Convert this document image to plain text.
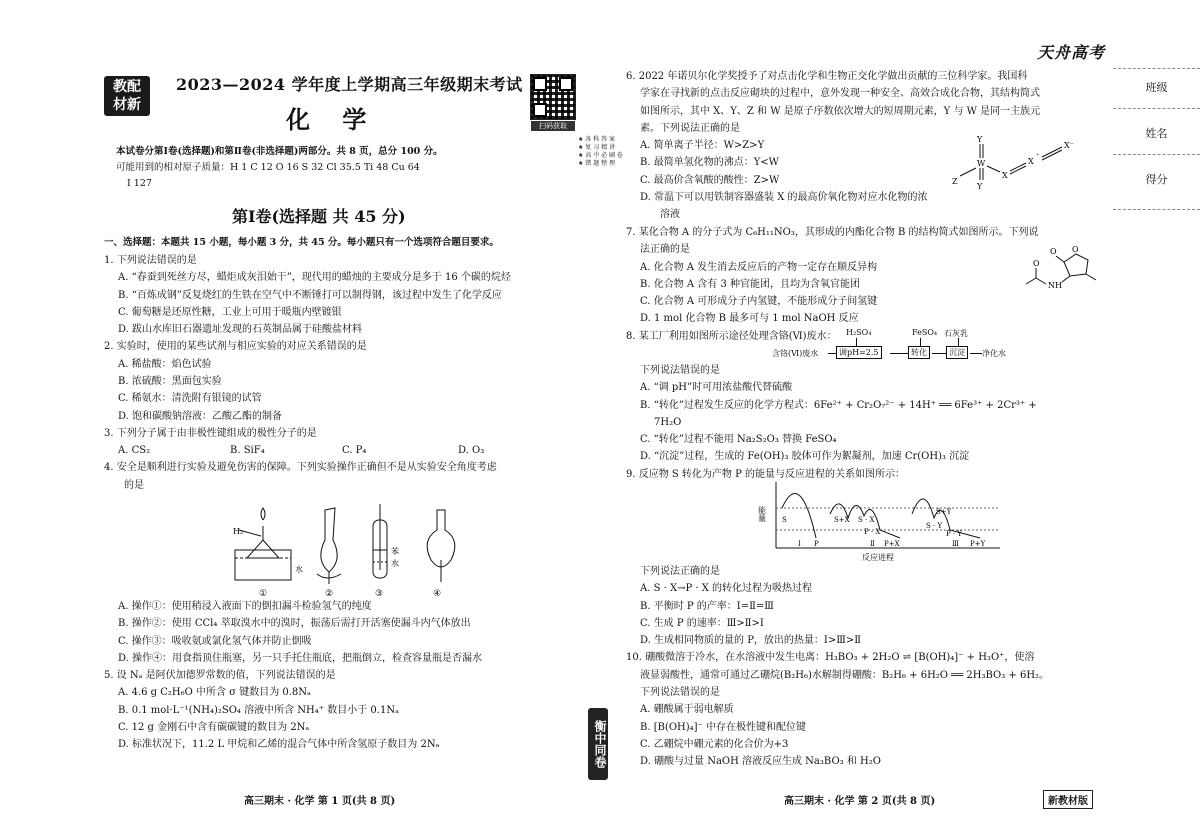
天舟高考
班级
姓名
得分
教配
材新
2023—2024 学年度上学期高三年级期末考试
化 学	扫码获取
★ 各 科 答 案
★ 复 习 精 讲
★ 高 中 必 刷 卷
★ 错 题 整 理
本试卷分第Ⅰ卷(选择题)和第Ⅱ卷(非选择题)两部分。共 8 页，总分 100 分。
可能用到的相对原子质量：H 1 C 12 O 16 S 32 Cl 35.5 Ti 48 Cu 64
I 127
第Ⅰ卷(选择题 共 45 分)
一、选择题：本题共 15 小题，每小题 3 分，共 45 分。每小题只有一个选项符合题目要求。
1. 下列说法错误的是
A. “春蚕到死丝方尽，蜡炬成灰泪始干”，现代用的蜡烛的主要成分是多于 16 个碳的烷烃
B. “百炼成钢”反复烧红的生铁在空气中不断锤打可以制得钢，该过程中发生了化学反应
C. 葡萄糖是还原性糖，工业上可用于暖瓶内壁镀银
D. 跋山水库旧石器遗址发现的石英制品属于硅酸盐材料
2. 实验时，使用的某些试剂与相应实验的对应关系错误的是
A. 稀盐酸：焰色试验
B. 浓硫酸：黑面包实验
C. 稀氨水：清洗附有银镜的试管
D. 饱和碳酸钠溶液：乙酸乙酯的制备
3. 下列分子属于由非极性键组成的极性分子的是
A. CS₂	B. SiF₄	C. P₄	D. O₃
4. 安全是顺利进行实验及避免伤害的保障。下列实验操作正确但不是从实验安全角度考虑
的是
H₂
水
①	②
苯
水
③	④
A. 操作①：使用稍浸入液面下的倒扣漏斗检验氢气的纯度
B. 操作②：使用 CCl₄ 萃取溴水中的溴时，振荡后需打开活塞使漏斗内气体放出
C. 操作③：吸收氨或氯化氢气体并防止倒吸
D. 操作④：用食指顶住瓶塞，另一只手托住瓶底，把瓶倒立，检查容量瓶是否漏水
5. 设 Nₐ 是阿伏加德罗常数的值，下列说法错误的是
A. 4.6 g C₂H₆O 中所含 σ 键数目为 0.8Nₐ
B. 0.1 mol·L⁻¹(NH₄)₂SO₄ 溶液中所含 NH₄⁺ 数目小于 0.1Nₐ
C. 12 g 金刚石中含有碳碳键的数目为 2Nₐ
D. 标准状况下，11.2 L 甲烷和乙烯的混合气体中所含氢原子数目为 2Nₐ	衡中同卷
高三期末 · 化学 第 1 页(共 8 页)	高三期末 · 化学 第 2 页(共 8 页)	新教材版
6. 2022 年诺贝尔化学奖授予了对点击化学和生物正交化学做出贡献的三位科学家。我国科
学家在寻找新的点击反应砌块的过程中，意外发现一种安全、高效合成化合物，其结构简式
如图所示，其中 X、Y、Z 和 W 是原子序数依次增大的短周期元素，Y 与 W 是同一主族元
素。下列说法正确的是
A. 简单离子半径：W>Z>Y
B. 最简单氢化物的沸点：Y<W
C. 最高价含氧酸的酸性：Z>W
D. 常温下可以用铁制容器盛装 X 的最高价氧化物对应水化物的浓
溶液
Y
W
Y
Z
X
X
⁺
X⁻
7. 某化合物 A 的分子式为 C₆H₁₁NO₃，其形成的内酯化合物 B 的结构简式如图所示。下列说
法正确的是
A. 化合物 A 发生消去反应后的产物一定存在顺反异构
B. 化合物 A 含有 3 种官能团，且均为含氧官能团
C. 化合物 A 可形成分子内氢键，不能形成分子间氢键
D. 1 mol 化合物 B 最多可与 1 mol NaOH 反应
8. 某工厂利用如图所示途径处理含铬(Ⅵ)废水：
O
O
NH
O
H₂SO₄	FeSO₄ 石灰乳
含铬(Ⅵ)废水	调pH=2.5	转化	沉淀	净化水
下列说法错误的是
A. “调 pH”时可用浓盐酸代替硫酸
B. “转化”过程发生反应的化学方程式：6Fe²⁺ + Cr₂O₇²⁻ + 14H⁺ ══ 6Fe³⁺ + 2Cr³⁺ +
7H₂O
C. “转化”过程不能用 Na₂S₂O₃ 替换 FeSO₄
D. “沉淀”过程，生成的 Fe(OH)₃ 胶体可作为絮凝剂，加速 Cr(OH)₃ 沉淀
9. 反应物 S 转化为产物 P 的能量与反应进程的关系如图所示：
能量
反应进程
S
P
S+X S · X
P · X
P+X
S+Y
S · Y
P · Y
P+Y
Ⅰ	Ⅱ	Ⅲ
下列说法正确的是
A. S · X→P · X 的转化过程为吸热过程
B. 平衡时 P 的产率：Ⅰ=Ⅱ=Ⅲ
C. 生成 P 的速率：Ⅲ>Ⅱ>Ⅰ
D. 生成相同物质的量的 P，放出的热量：Ⅰ>Ⅲ>Ⅱ
10. 硼酸微溶于冷水，在水溶液中发生电离：H₃BO₃ + 2H₂O ⇌ [B(OH)₄]⁻ + H₃O⁺，使溶
液显弱酸性，通常可通过乙硼烷(B₂H₆)水解制得硼酸：B₂H₆ + 6H₂O ══ 2H₃BO₃ + 6H₂。
下列说法错误的是
A. 硼酸属于弱电解质
B. [B(OH)₄]⁻ 中存在极性键和配位键
C. 乙硼烷中硼元素的化合价为+3
D. 硼酸与过量 NaOH 溶液反应生成 Na₃BO₃ 和 H₂O
